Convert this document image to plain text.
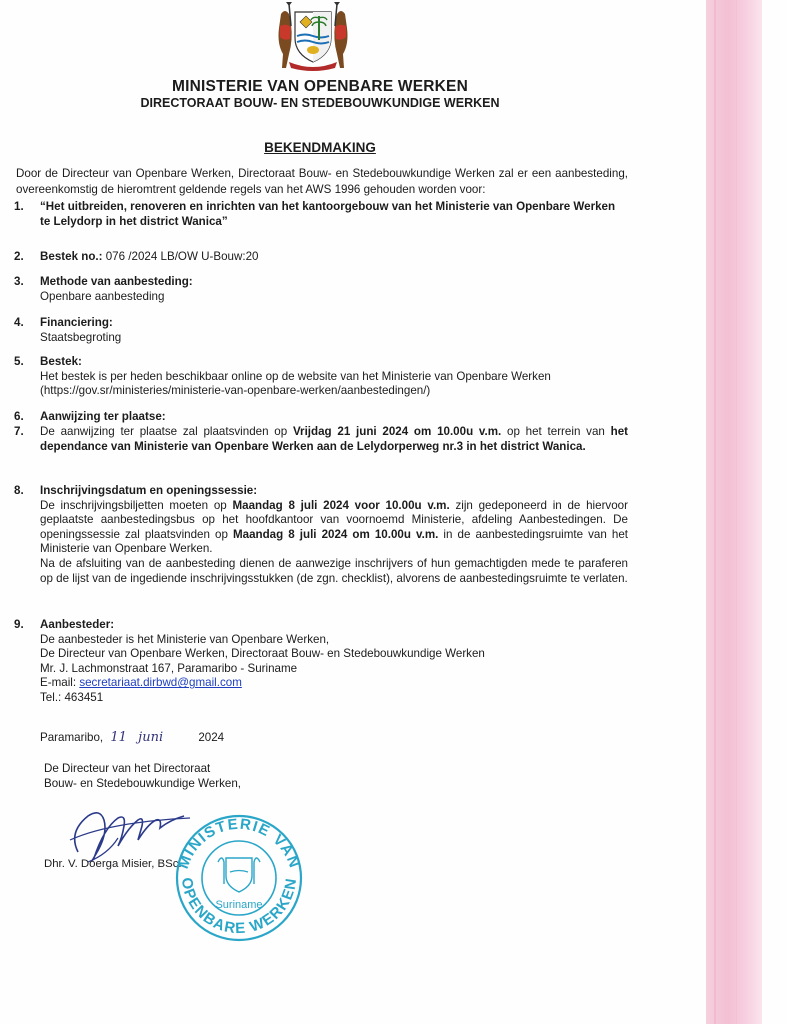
MINISTERIE VAN OPENBARE WERKEN
DIRECTORAAT BOUW- EN STEDEBOUWKUNDIGE WERKEN
BEKENDMAKING
Door de Directeur van Openbare Werken, Directoraat Bouw- en Stedebouwkundige Werken zal er een aanbesteding, overeenkomstig de hieromtrent geldende regels van het AWS 1996 gehouden worden voor:
1. “Het uitbreiden, renoveren en inrichten van het kantoorgebouw van het Ministerie van Openbare Werken te Lelydorp in het district Wanica”
2. Bestek no.: 076 /2024 LB/OW U-Bouw:20
3. Methode van aanbesteding:
Openbare aanbesteding
4. Financiering:
Staatsbegroting
5. Bestek:
Het bestek is per heden beschikbaar online op de website van het Ministerie van Openbare Werken
(https://gov.sr/ministeries/ministerie-van-openbare-werken/aanbestedingen/)
6. Aanwijzing ter plaatse:
7. De aanwijzing ter plaatse zal plaatsvinden op Vrijdag 21 juni 2024 om 10.00u v.m. op het terrein van het dependance van Ministerie van Openbare Werken aan de Lelydorperweg nr.3 in het district Wanica.
8. Inschrijvingsdatum en openingssessie:
De inschrijvingsbiljetten moeten op Maandag 8 juli 2024 voor 10.00u v.m. zijn gedeponeerd in de hiervoor geplaatste aanbestedingsbus op het hoofdkantoor van voornoemd Ministerie, afdeling Aanbestedingen. De openingssessie zal plaatsvinden op Maandag 8 juli 2024 om 10.00u v.m. in de aanbestedingsruimte van het Ministerie van Openbare Werken.
Na de afsluiting van de aanbesteding dienen de aanwezige inschrijvers of hun gemachtigden mede te paraferen op de lijst van de ingediende inschrijvingsstukken (de zgn. checklist), alvorens de aanbestedingsruimte te verlaten.
9. Aanbesteder:
De aanbesteder is het Ministerie van Openbare Werken,
De Directeur van Openbare Werken, Directoraat Bouw- en Stedebouwkundige Werken
Mr. J. Lachmonstraat 167, Paramaribo - Suriname
E-mail: secretariaat.dirbwd@gmail.com
Tel.: 463451
Paramaribo, 11 juni	2024
De Directeur van het Directoraat
Bouw- en Stedebouwkundige Werken,
Dhr. V. Doerga Misier, BSc.
MINISTERIE VAN
OPENBARE WERKEN
Suriname
